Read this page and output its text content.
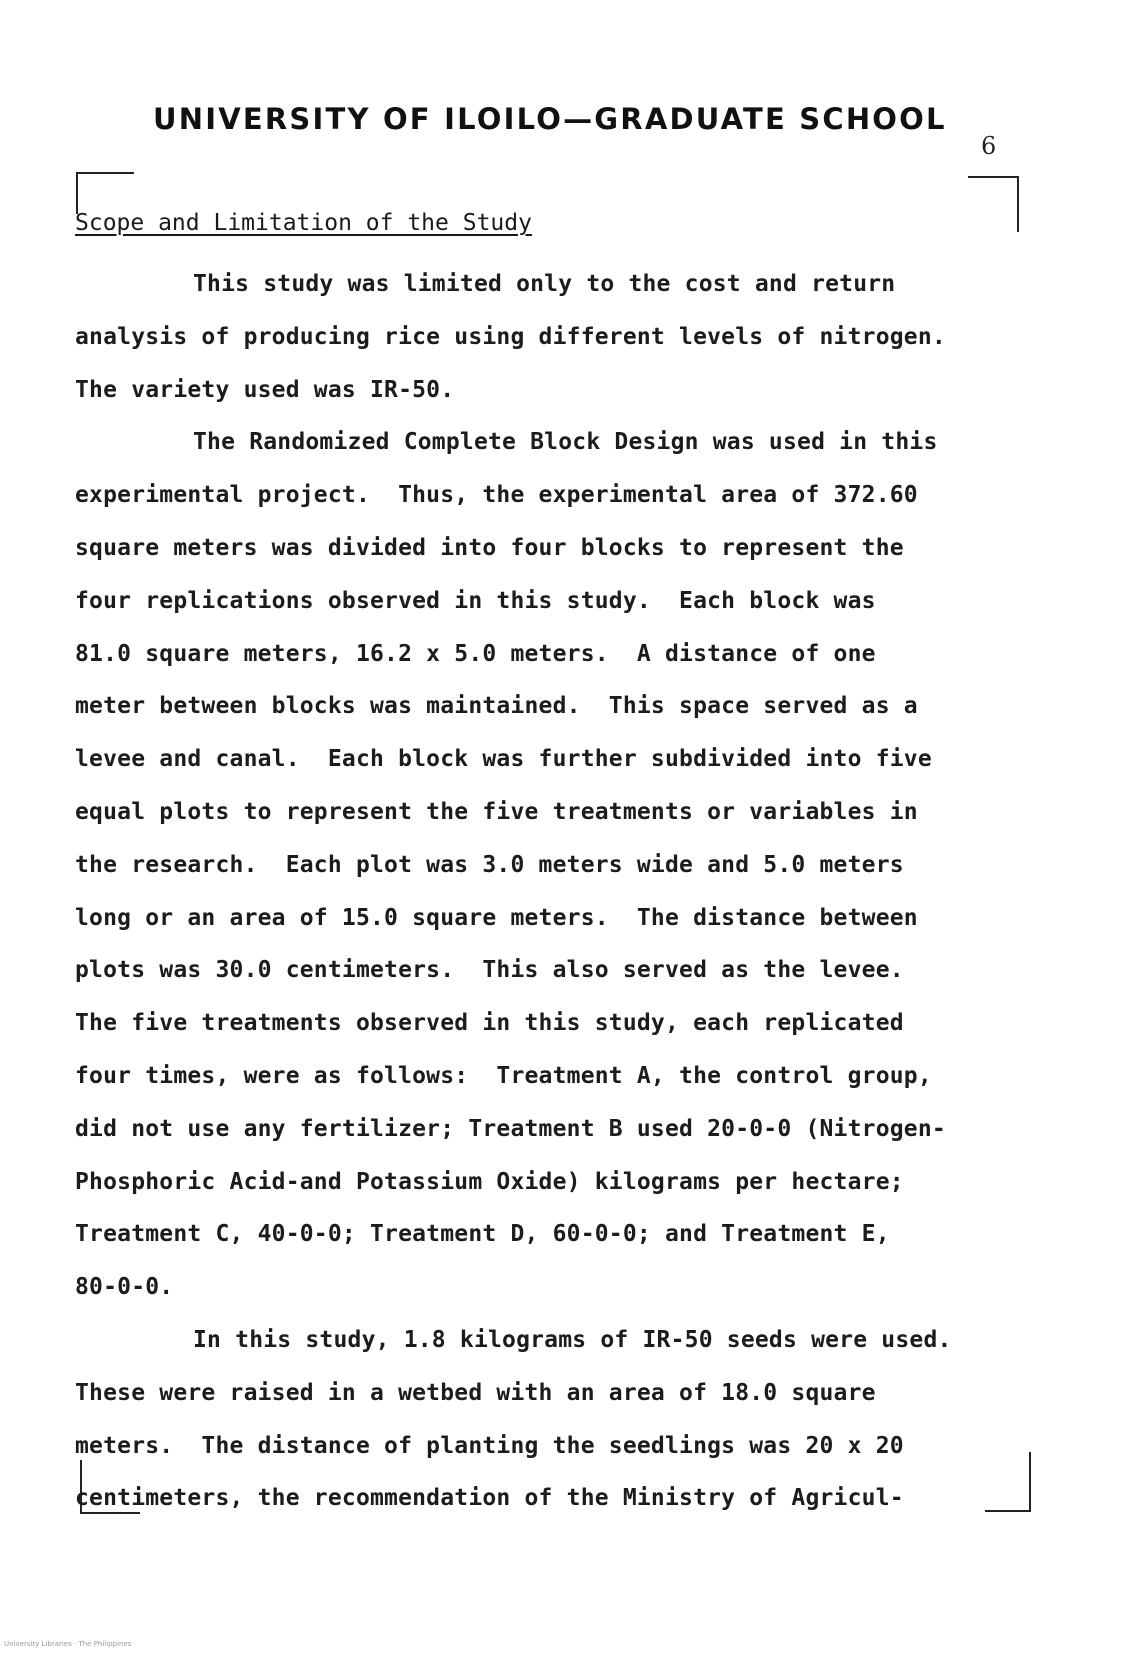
UNIVERSITY OF ILOILO—GRADUATE SCHOOL
6
Scope and Limitation of the Study
This study was limited only to the cost and return
analysis of producing rice using different levels of nitrogen.
The variety used was IR-50.
The Randomized Complete Block Design was used in this
experimental project.  Thus, the experimental area of 372.60
square meters was divided into four blocks to represent the
four replications observed in this study.  Each block was
81.0 square meters, 16.2 x 5.0 meters.  A distance of one
meter between blocks was maintained.  This space served as a
levee and canal.  Each block was further subdivided into five
equal plots to represent the five treatments or variables in
the research.  Each plot was 3.0 meters wide and 5.0 meters
long or an area of 15.0 square meters.  The distance between
plots was 30.0 centimeters.  This also served as the levee.
The five treatments observed in this study, each replicated
four times, were as follows:  Treatment A, the control group,
did not use any fertilizer; Treatment B used 20-0-0 (Nitrogen-
Phosphoric Acid-and Potassium Oxide) kilograms per hectare;
Treatment C, 40-0-0; Treatment D, 60-0-0; and Treatment E,
80-0-0.
In this study, 1.8 kilograms of IR-50 seeds were used.
These were raised in a wetbed with an area of 18.0 square
meters.  The distance of planting the seedlings was 20 x 20
centimeters, the recommendation of the Ministry of Agricul-
University Libraries · The Philippines
